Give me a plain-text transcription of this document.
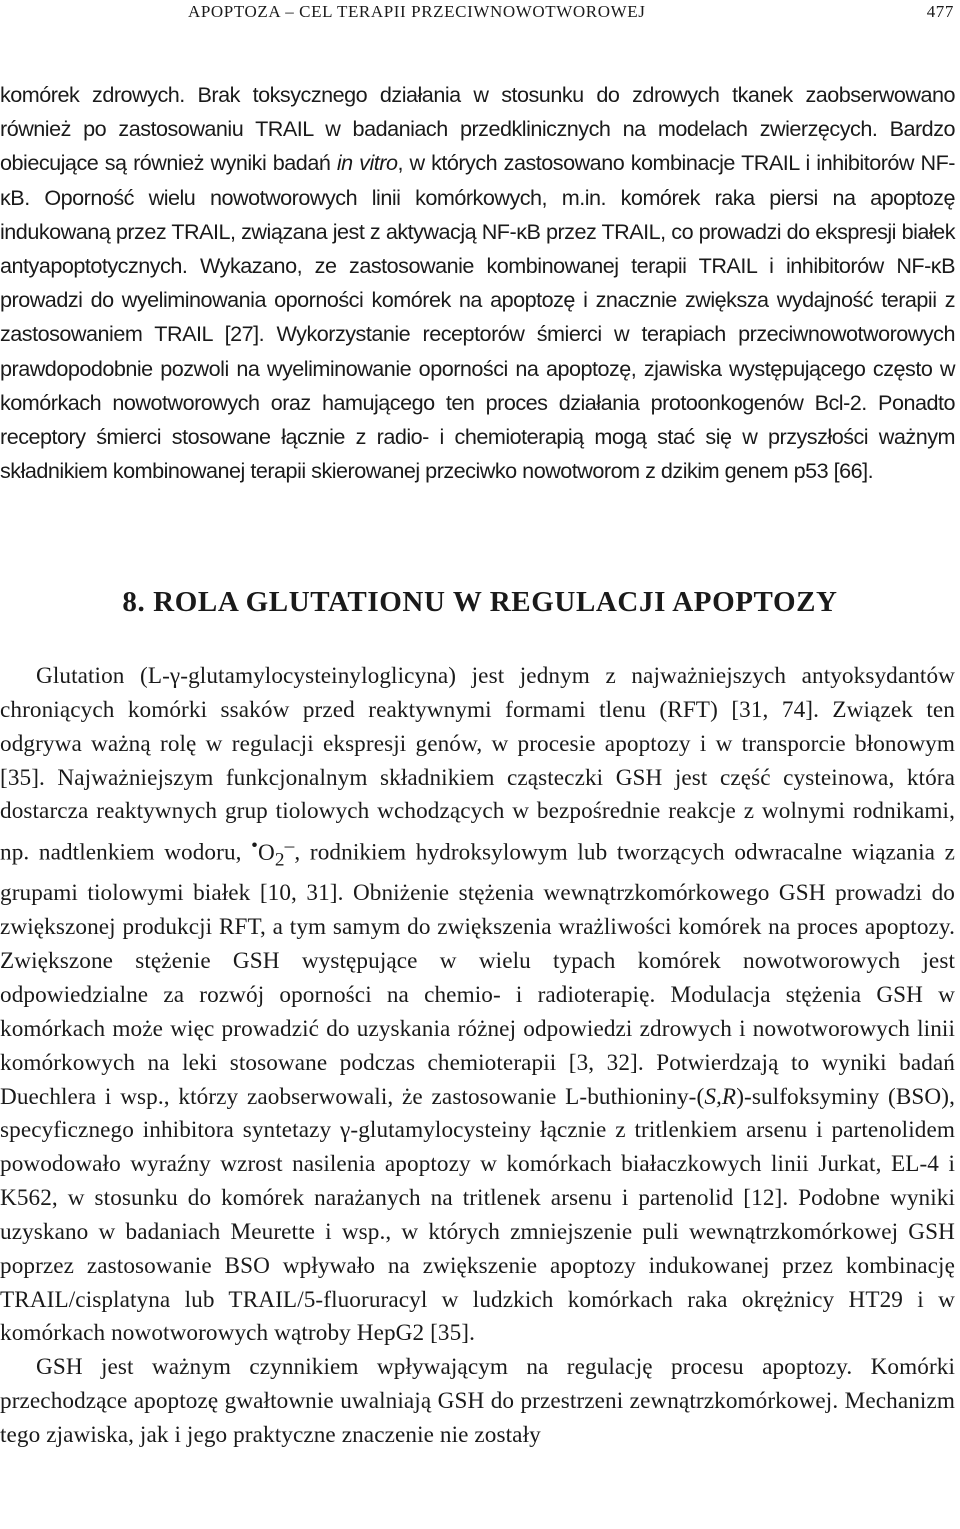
APOPTOZA – CEL TERAPII PRZECIWNOWOTWOROWEJ	477

komórek zdrowych. Brak toksycznego działania w stosunku do zdrowych tkanek zaobserwowano również po zastosowaniu TRAIL w badaniach przedklinicznych na modelach zwierzęcych. Bardzo obiecujące są również wyniki badań in vitro, w których zastosowano kombinacje TRAIL i inhibitorów NF-κB. Oporność wielu nowotworowych linii komórkowych, m.in. komórek raka piersi na apoptozę indukowaną przez TRAIL, związana jest z aktywacją NF-κB przez TRAIL, co prowadzi do ekspresji białek antyapoptotycznych. Wykazano, ze zastosowanie kombinowanej terapii TRAIL i inhibitorów NF-κB prowadzi do wyeliminowania oporności komórek na apoptozę i znacznie zwiększa wydajność terapii z zastosowaniem TRAIL [27]. Wykorzystanie receptorów śmierci w terapiach przeciwnowotworowych prawdopodobnie pozwoli na wyeliminowanie oporności na apoptozę, zjawiska występującego często w komórkach nowotworowych oraz hamującego ten proces działania protoonkogenów Bcl-2. Ponadto receptory śmierci stosowane łącznie z radio- i chemioterapią mogą stać się w przyszłości ważnym składnikiem kombinowanej terapii skierowanej przeciwko nowotworom z dzikim genem p53 [66].

8. ROLA GLUTATIONU W REGULACJI APOPTOZY

Glutation (L-γ-glutamylocysteinyloglicyna) jest jednym z najważniejszych antyoksydantów chroniących komórki ssaków przed reaktywnymi formami tlenu (RFT) [31, 74]. Związek ten odgrywa ważną rolę w regulacji ekspresji genów, w procesie apoptozy i w transporcie błonowym [35]. Najważniejszym funkcjonalnym składnikiem cząsteczki GSH jest część cysteinowa, która dostarcza reaktywnych grup tiolowych wchodzących w bezpośrednie reakcje z wolnymi rodnikami, np. nadtlenkiem wodoru, $^•O_2^-$, rodnikiem hydroksylowym lub tworzących odwracalne wiązania z grupami tiolowymi białek [10, 31]. Obniżenie stężenia wewnątrzkomórkowego GSH prowadzi do zwiększonej produkcji RFT, a tym samym do zwiększenia wrażliwości komórek na proces apoptozy. Zwiększone stężenie GSH występujące w wielu typach komórek nowotworowych jest odpowiedzialne za rozwój oporności na chemio- i radioterapię. Modulacja stężenia GSH w komórkach może więc prowadzić do uzyskania różnej odpowiedzi zdrowych i nowotworowych linii komórkowych na leki stosowane podczas chemioterapii [3, 32]. Potwierdzają to wyniki badań Duechlera i wsp., którzy zaobserwowali, że zastosowanie L-buthioniny-(S,R)-sulfoksyminy (BSO), specyficznego inhibitora syntetazy γ-glutamylocysteiny łącznie z tritlenkiem arsenu i partenolidem powodowało wyraźny wzrost nasilenia apoptozy w komórkach białaczkowych linii Jurkat, EL-4 i K562, w stosunku do komórek narażanych na tritlenek arsenu i partenolid [12]. Podobne wyniki uzyskano w badaniach Meurette i wsp., w których zmniejszenie puli wewnątrzkomórkowej GSH poprzez zastosowanie BSO wpływało na zwiększenie apoptozy indukowanej przez kombinację TRAIL/cisplatyna lub TRAIL/5-fluoruracyl w ludzkich komórkach raka okrężnicy HT29 i w komórkach nowotworowych wątroby HepG2 [35].

GSH jest ważnym czynnikiem wpływającym na regulację procesu apoptozy. Komórki przechodzące apoptozę gwałtownie uwalniają GSH do przestrzeni zewnątrzkomórkowej. Mechanizm tego zjawiska, jak i jego praktyczne znaczenie nie zostały
